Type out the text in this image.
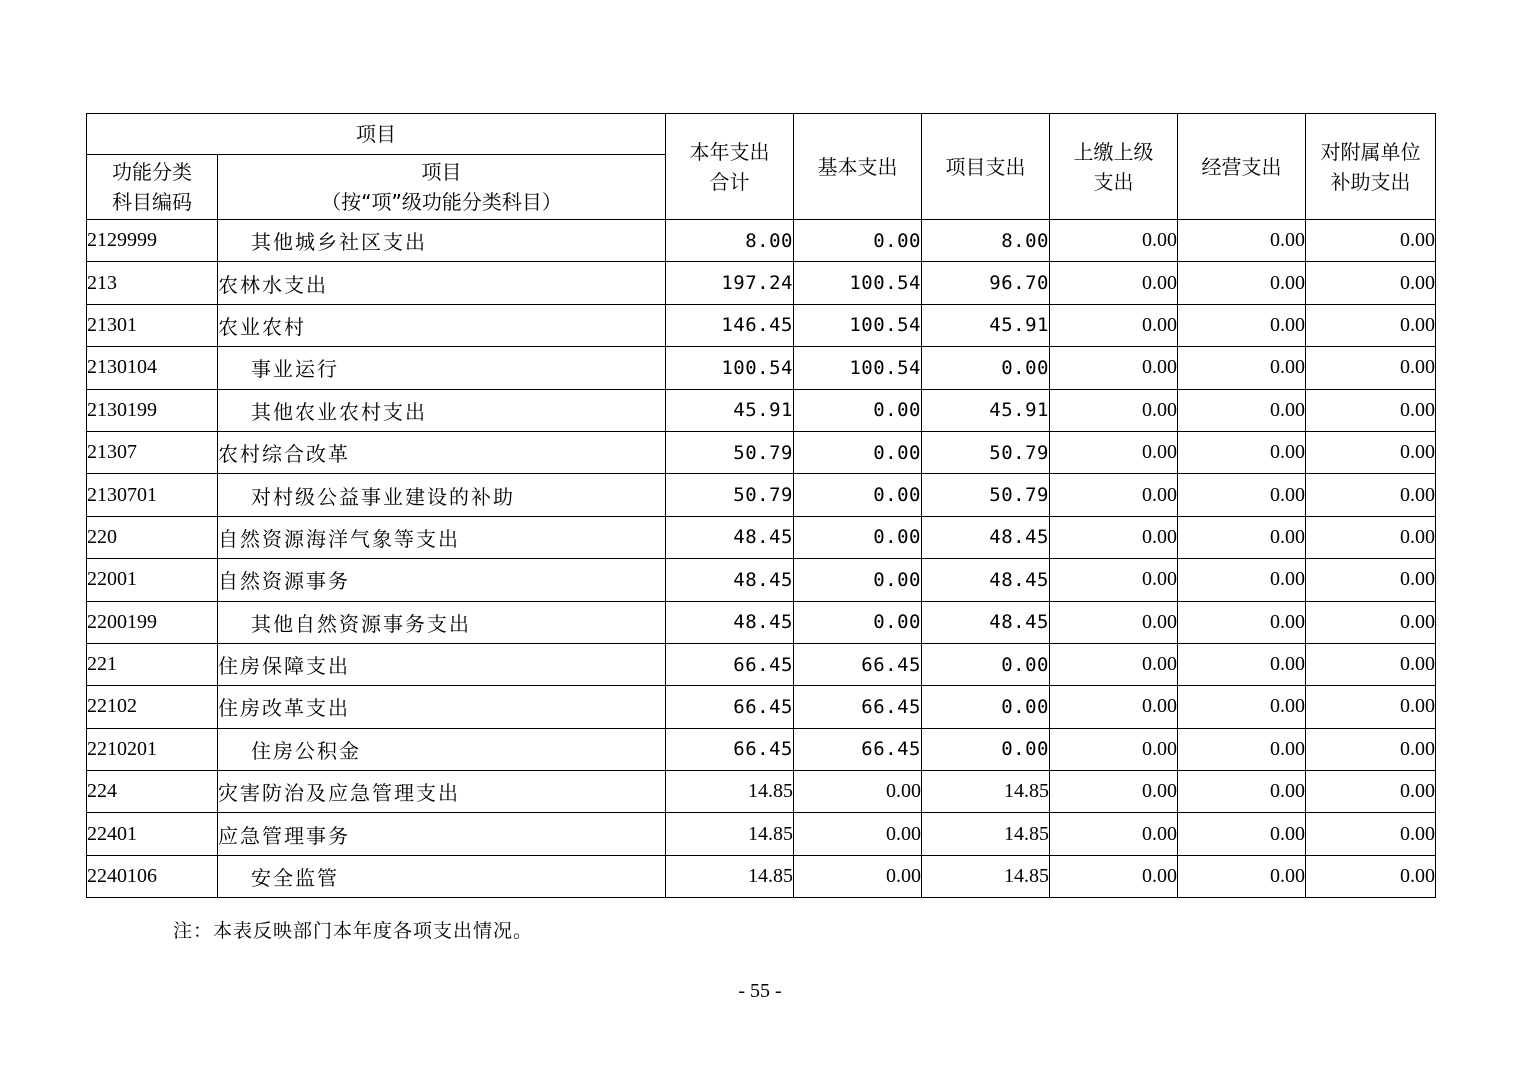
项目		本年支出合计	基本支出	项目支出	上缴上级支出	经营支出	对附属单位补助支出

功能分类科目编码	项目
（按“项”级功能分类科目）						

2129999	其他城乡社区支出	8.00	0.00	8.00	0.00	0.00	0.00
213	农林水支出	197.24	100.54	96.70	0.00	0.00	0.00
21301	农业农村	146.45	100.54	45.91	0.00	0.00	0.00
2130104	事业运行	100.54	100.54	0.00	0.00	0.00	0.00
2130199	其他农业农村支出	45.91	0.00	45.91	0.00	0.00	0.00
21307	农村综合改革	50.79	0.00	50.79	0.00	0.00	0.00
2130701	对村级公益事业建设的补助	50.79	0.00	50.79	0.00	0.00	0.00
220	自然资源海洋气象等支出	48.45	0.00	48.45	0.00	0.00	0.00
22001	自然资源事务	48.45	0.00	48.45	0.00	0.00	0.00
2200199	其他自然资源事务支出	48.45	0.00	48.45	0.00	0.00	0.00
221	住房保障支出	66.45	66.45	0.00	0.00	0.00	0.00
22102	住房改革支出	66.45	66.45	0.00	0.00	0.00	0.00
2210201	住房公积金	66.45	66.45	0.00	0.00	0.00	0.00
224	灾害防治及应急管理支出	14.85	0.00	14.85	0.00	0.00	0.00
22401	应急管理事务	14.85	0.00	14.85	0.00	0.00	0.00
2240106	安全监管	14.85	0.00	14.85	0.00	0.00	0.00
注：本表反映部门本年度各项支出情况。
- 55 -
